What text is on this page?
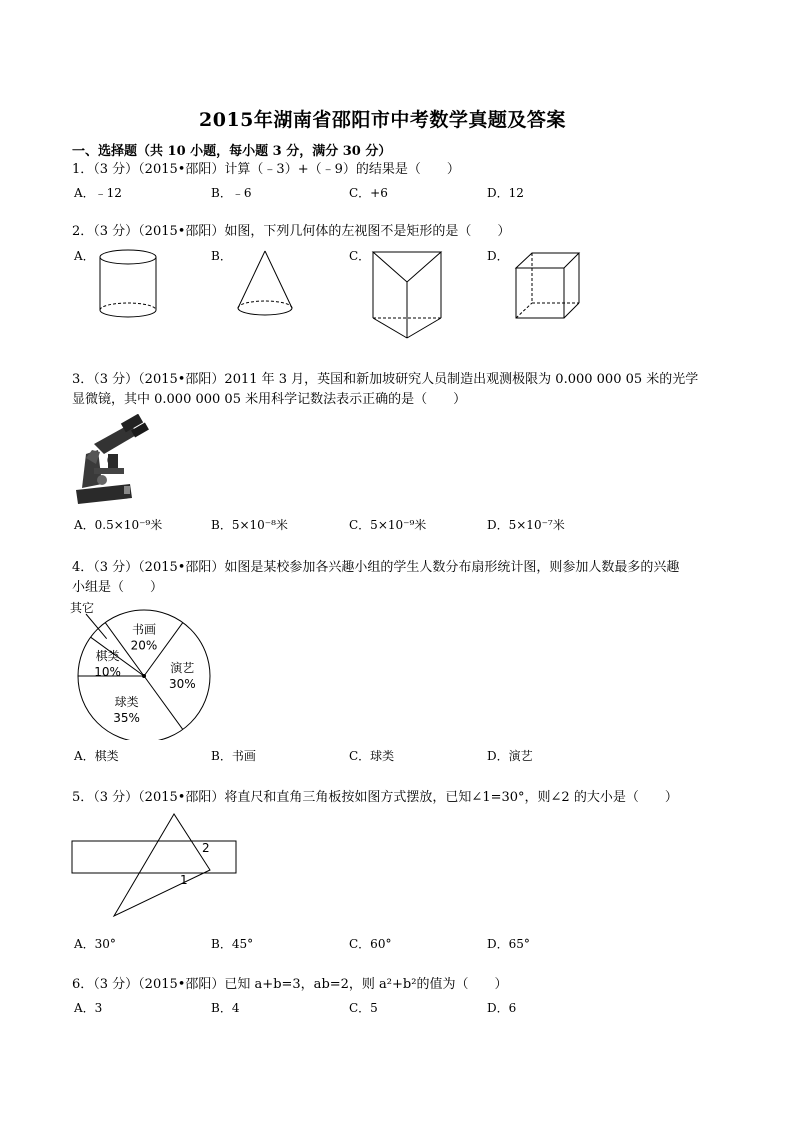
2015年湖南省邵阳市中考数学真题及答案
一、选择题（共 10 小题，每小题 3 分，满分 30 分）
1．（3 分）（2015•邵阳）计算（﹣3）+（﹣9）的结果是（　　）
A．﹣12	B．﹣6	C．+6	D．12
2．（3 分）（2015•邵阳）如图，下列几何体的左视图不是矩形的是（　　）
A．	B．	C．	D．
3．（3 分）（2015•邵阳）2011 年 3 月，英国和新加坡研究人员制造出观测极限为 0.000 000 05 米的光学
显微镜，其中 0.000 000 05 米用科学记数法表示正确的是（　　）
A．0.5×10⁻⁹米	B．5×10⁻⁸米	C．5×10⁻⁹米	D．5×10⁻⁷米
4．（3 分）（2015•邵阳）如图是某校参加各兴趣小组的学生人数分布扇形统计图，则参加人数最多的兴趣
小组是（　　）
书画
20%
演艺
30%
球类
35%
棋类
10%
其它
A．棋类	B．书画	C．球类	D．演艺
5．（3 分）（2015•邵阳）将直尺和直角三角板按如图方式摆放，已知∠1=30°，则∠2 的大小是（　　）
2
1
A．30°	B．45°	C．60°	D．65°
6．（3 分）（2015•邵阳）已知 a+b=3，ab=2，则 a²+b²的值为（　　）
A．3	B．4	C．5	D．6
